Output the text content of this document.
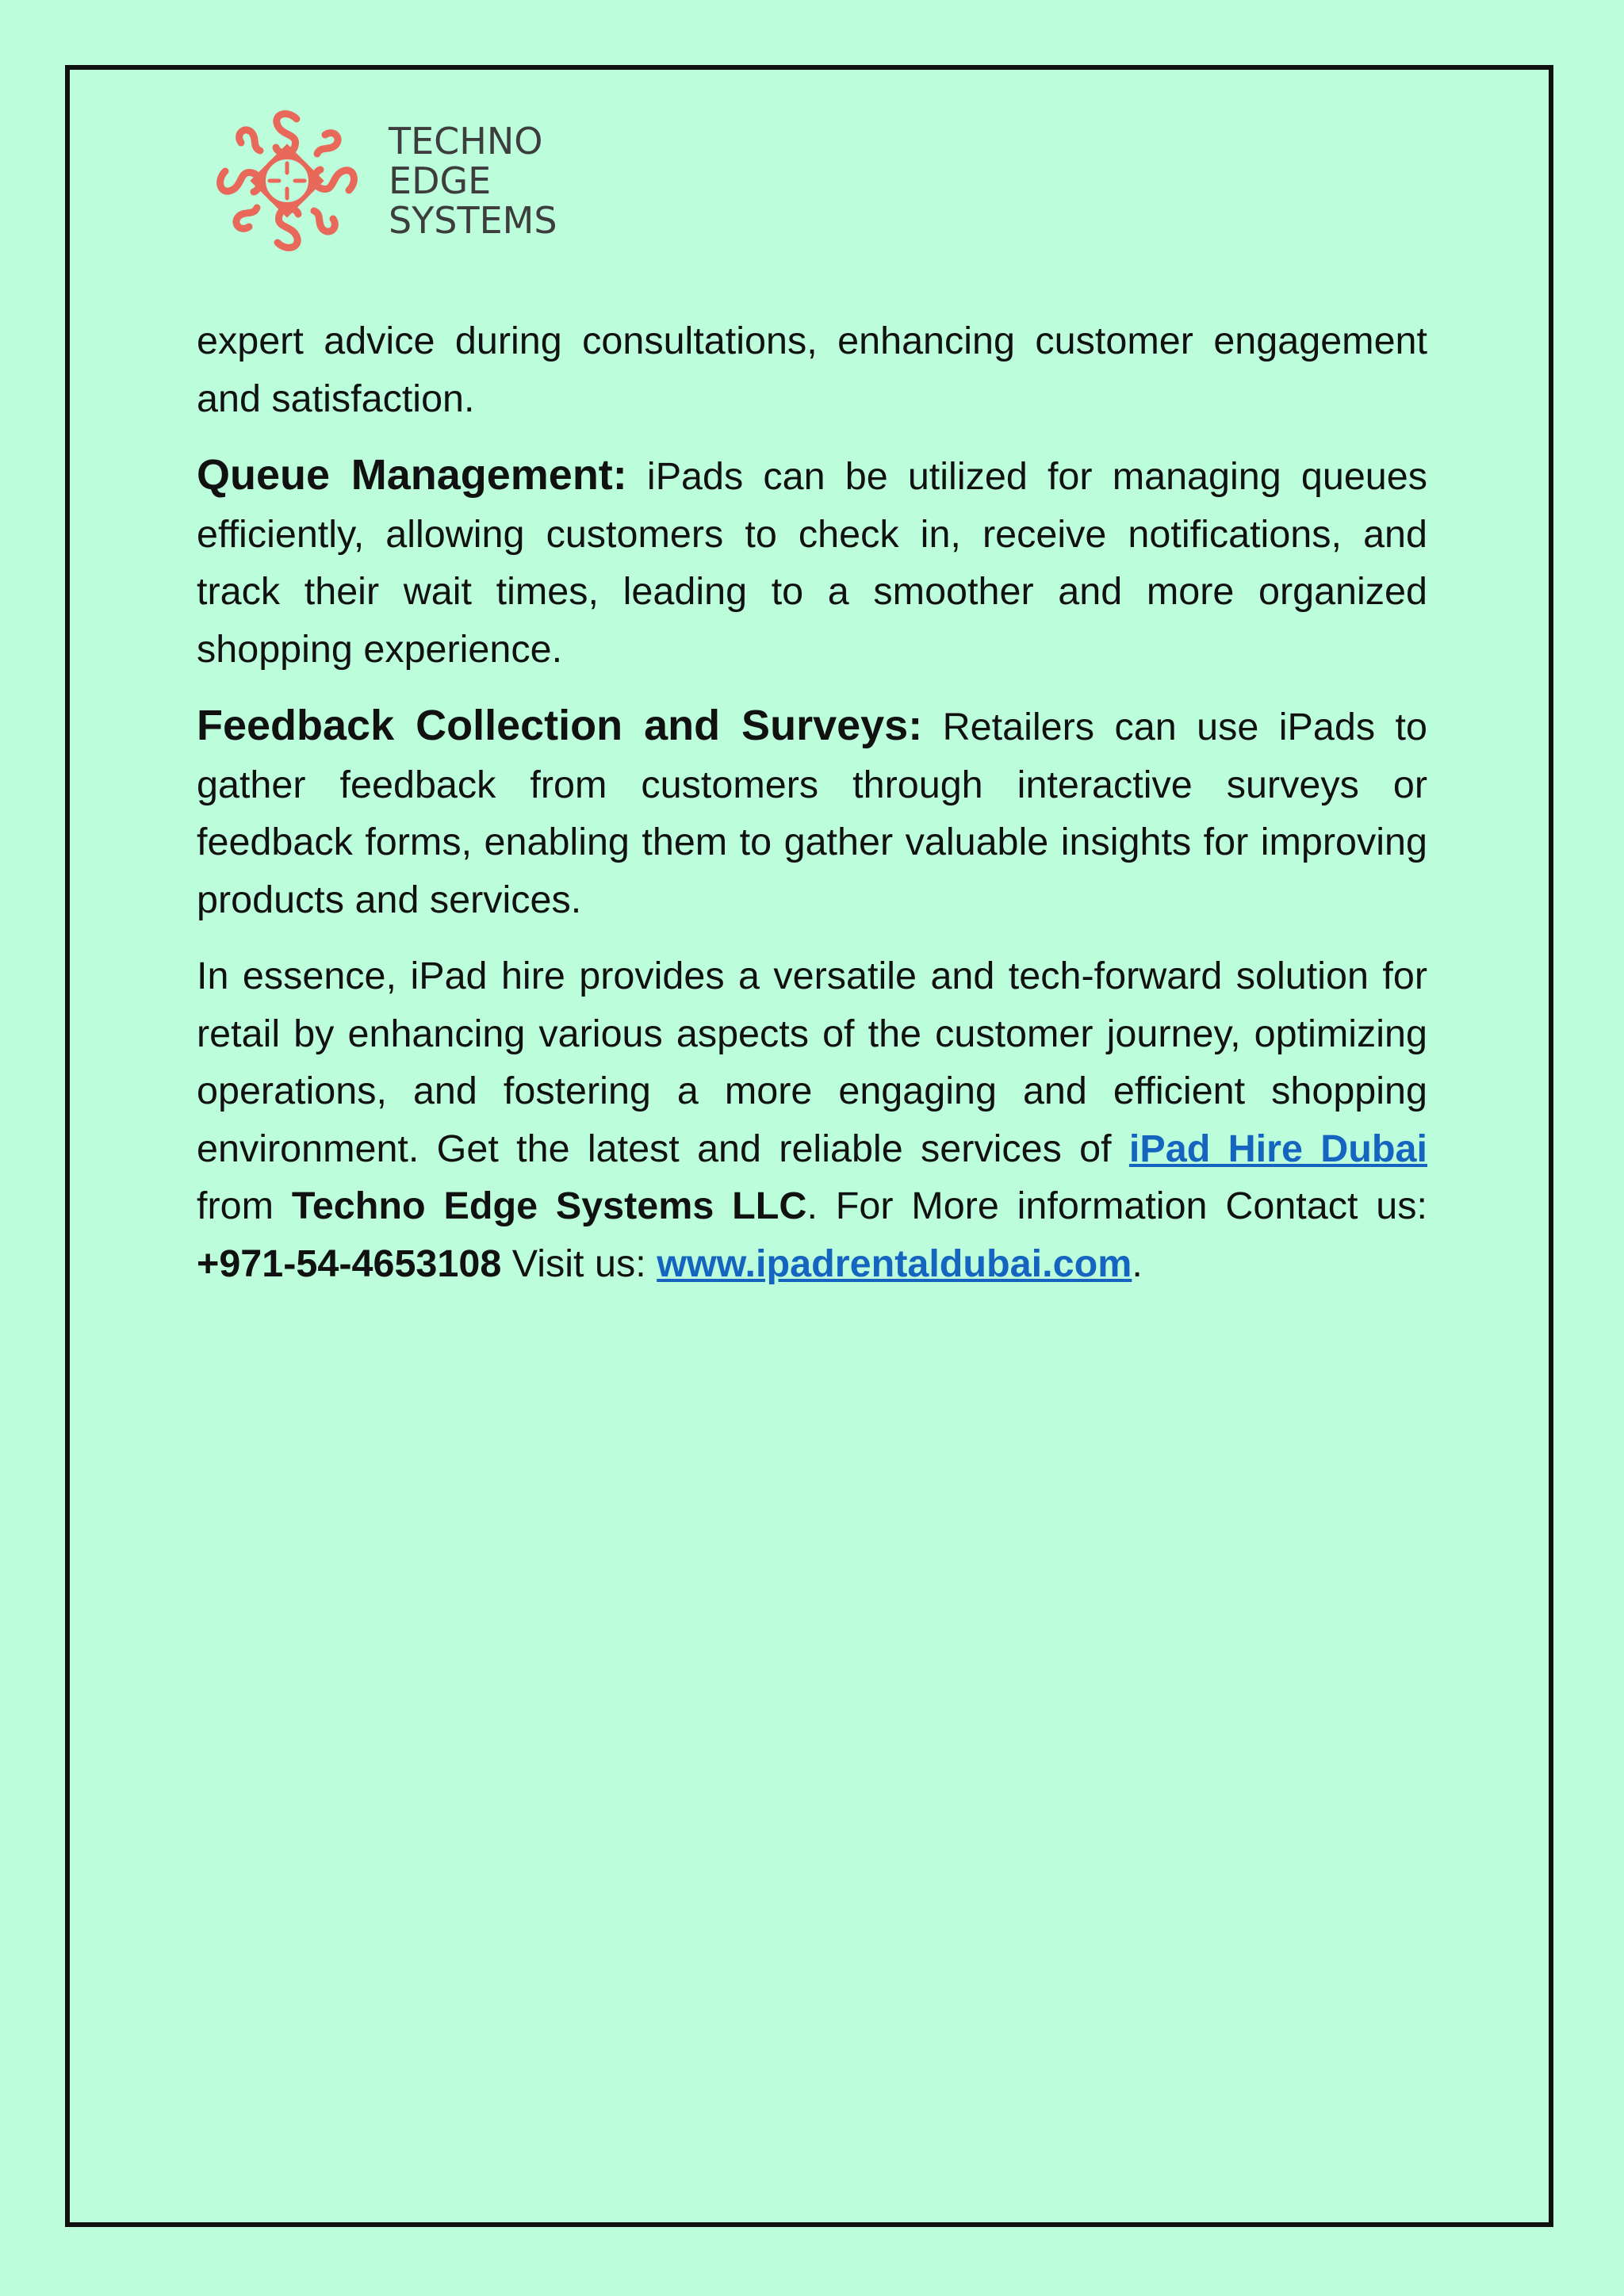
TECHNO
EDGE
SYSTEMS

expert advice during consultations, enhancing customer engagement and satisfaction.

Queue Management: iPads can be utilized for managing queues efficiently, allowing customers to check in, receive notifications, and track their wait times, leading to a smoother and more organized shopping experience.

Feedback Collection and Surveys: Retailers can use iPads to gather feedback from customers through interactive surveys or feedback forms, enabling them to gather valuable insights for improving products and services.

In essence, iPad hire provides a versatile and tech-forward solution for retail by enhancing various aspects of the customer journey, optimizing operations, and fostering a more engaging and efficient shopping environment. Get the latest and reliable services of iPad Hire Dubai from Techno Edge Systems LLC. For More information Contact us: +971-54-4653108 Visit us: www.ipadrentaldubai.com.
